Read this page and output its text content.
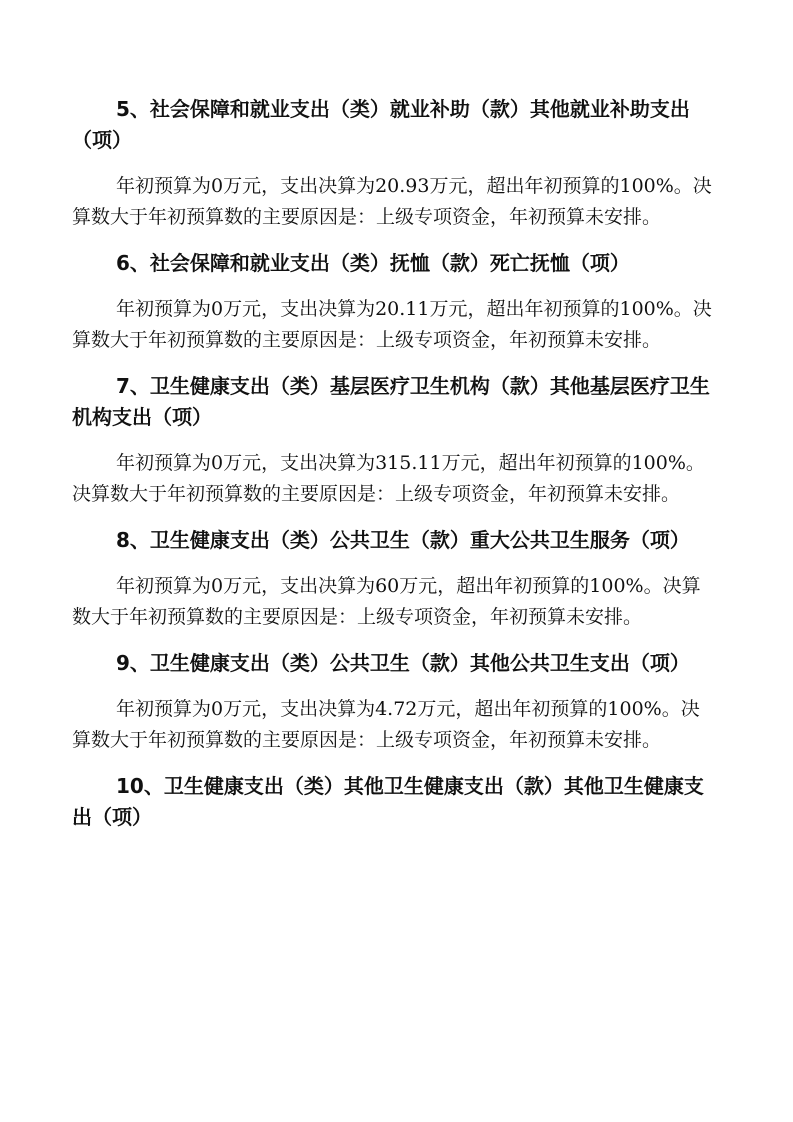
5、社会保障和就业支出（类）就业补助（款）其他就业补助支出（项）
年初预算为0万元，支出决算为20.93万元，超出年初预算的100%。决算数大于年初预算数的主要原因是：上级专项资金，年初预算未安排。
6、社会保障和就业支出（类）抚恤（款）死亡抚恤（项）
年初预算为0万元，支出决算为20.11万元，超出年初预算的100%。决算数大于年初预算数的主要原因是：上级专项资金，年初预算未安排。
7、卫生健康支出（类）基层医疗卫生机构（款）其他基层医疗卫生机构支出（项）
年初预算为0万元，支出决算为315.11万元，超出年初预算的100%。决算数大于年初预算数的主要原因是：上级专项资金，年初预算未安排。
8、卫生健康支出（类）公共卫生（款）重大公共卫生服务（项）
年初预算为0万元，支出决算为60万元，超出年初预算的100%。决算数大于年初预算数的主要原因是：上级专项资金，年初预算未安排。
9、卫生健康支出（类）公共卫生（款）其他公共卫生支出（项）
年初预算为0万元，支出决算为4.72万元，超出年初预算的100%。决算数大于年初预算数的主要原因是：上级专项资金，年初预算未安排。
10、卫生健康支出（类）其他卫生健康支出（款）其他卫生健康支出（项）
